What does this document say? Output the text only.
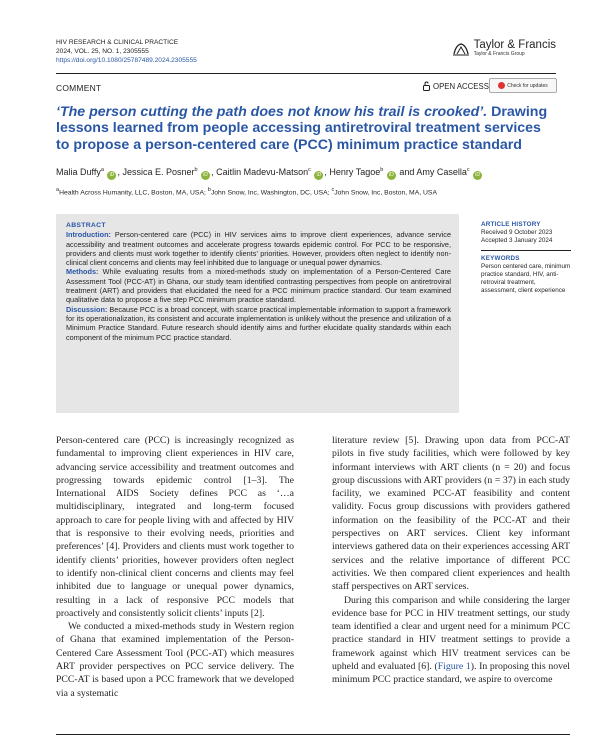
HIV RESEARCH & CLINICAL PRACTICE
2024, VOL. 25, NO. 1, 2305555
https://doi.org/10.1080/25787489.2024.2305555
Taylor & Francis
Taylor & Francis Group
COMMENT	OPEN ACCESS	Check for updates
‘The person cutting the path does not know his trail is crooked’. Drawing lessons learned from people accessing antiretroviral treatment services to propose a person-centered care (PCC) minimum practice standard
Malia Duffy$^a$ iD , Jessica E. Posner$^b$ iD , Caitlin Madevu-Matson$^c$ iD , Henry Tagoe$^b$ iD and Amy Casella$^c$ iD
$^a$Health Across Humanity, LLC, Boston, MA, USA; $^b$John Snow, Inc, Washington, DC, USA; $^c$John Snow, Inc, Boston, MA, USA
ABSTRACT
Introduction: Person-centered care (PCC) in HIV services aims to improve client experiences, advance service accessibility and treatment outcomes and accelerate progress towards epidemic control. For PCC to be responsive, providers and clients must work together to identify clients’ priorities. However, providers often neglect to identify non-clinical client concerns and clients may feel inhibited due to language or unequal power dynamics.
Methods: While evaluating results from a mixed-methods study on implementation of a Person-Centered Care Assessment Tool (PCC-AT) in Ghana, our study team identified contrasting perspectives from people on antiretroviral treatment (ART) and providers that elucidated the need for a PCC minimum practice standard. Our team examined qualitative data to propose a five step PCC minimum practice standard.
Discussion: Because PCC is a broad concept, with scarce practical implementable information to support a framework for its operationalization, its consistent and accurate implementation is unlikely without the presence and utilization of a Minimum Practice Standard. Future research should identify aims and further elucidate quality standards within each component of the minimum PCC practice standard.
ARTICLE HISTORY
Received 9 October 2023
Accepted 3 January 2024
KEYWORDS
Person centered care, minimum practice standard, HIV, anti-retroviral treatment, assessment, client experience

Person-centered care (PCC) is increasingly recognized as fundamental to improving client experiences in HIV care, advancing service accessibility and treatment outcomes and progressing towards epidemic control [1–3]. The International AIDS Society defines PCC as ‘…a multidisciplinary, integrated and long-term focused approach to care for people living with and affected by HIV that is responsive to their evolving needs, priorities and preferences’ [4]. Providers and clients must work together to identify clients’ priorities, however providers often neglect to identify non-clinical client concerns and clients may feel inhibited due to language or unequal power dynamics, resulting in a lack of responsive PCC models that proactively and consistently solicit clients’ inputs [2].

We conducted a mixed-methods study in Western region of Ghana that examined implementation of the Person-Centered Care Assessment Tool (PCC-AT) which measures ART provider perspectives on PCC service delivery. The PCC-AT is based upon a PCC framework that we developed via a systematic

literature review [5]. Drawing upon data from PCC-AT pilots in five study facilities, which were followed by key informant interviews with ART clients (n = 20) and focus group discussions with ART providers (n = 37) in each study facility, we examined PCC-AT feasibility and content validity. Focus group discussions with providers gathered information on the feasibility of the PCC-AT and their perspectives on ART services. Client key informant interviews gathered data on their experiences accessing ART services and the relative importance of different PCC activities. We then compared client experiences and health staff perspectives on ART services.

During this comparison and while considering the larger evidence base for PCC in HIV treatment settings, our study team identified a clear and urgent need for a minimum PCC practice standard in HIV treatment settings to provide a framework against which HIV treatment services can be upheld and evaluated [6]. (Figure 1). In proposing this novel minimum PCC practice standard, we aspire to overcome
